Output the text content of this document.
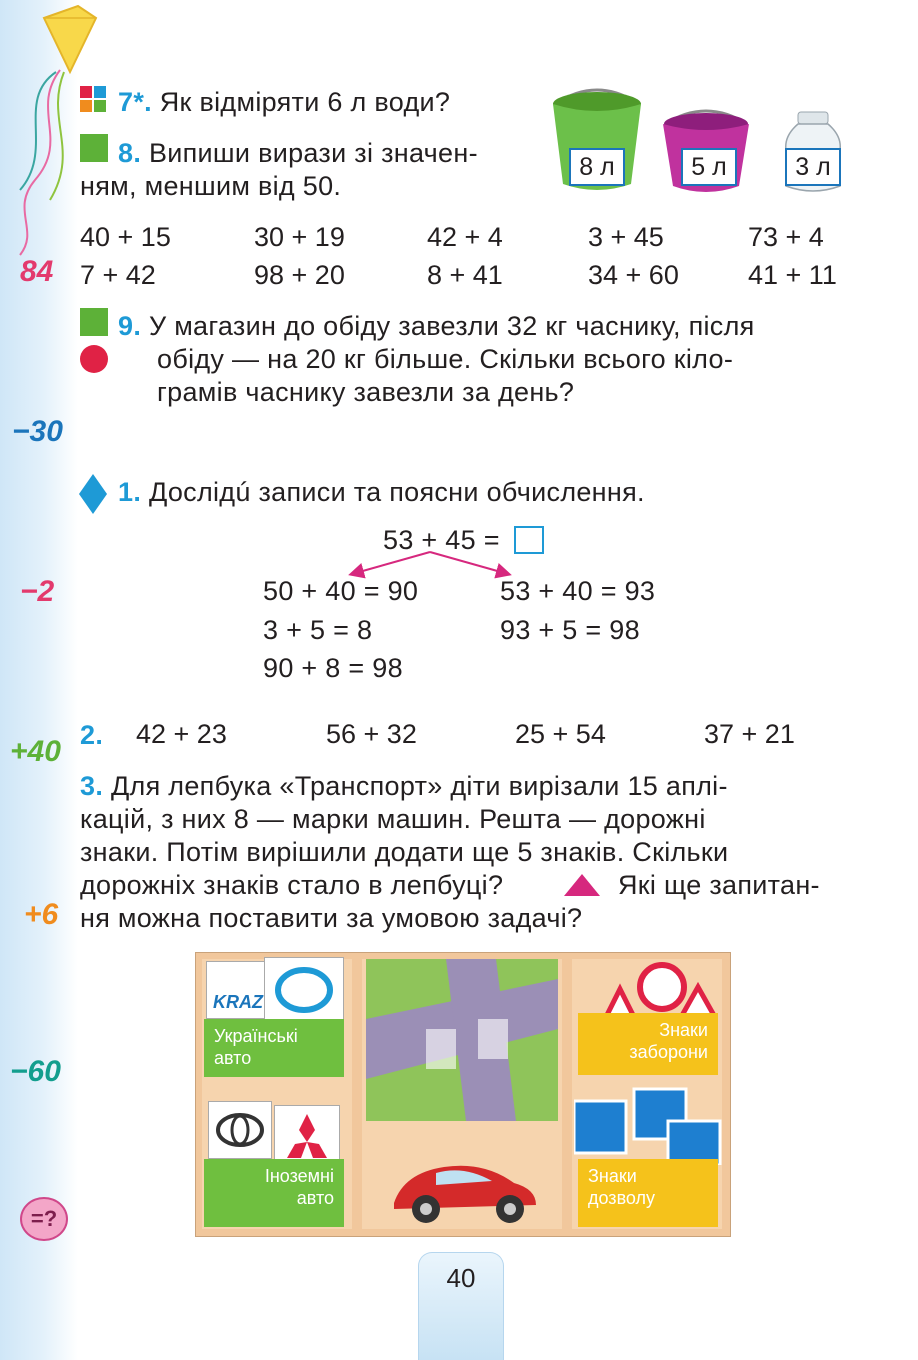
84
−30
−2
+40
+6
−60
=?
7*. Як відміряти 6 л води?
8. Випиши вирази зі значен-
ням, меншим від 50.
8 л	5 л	3 л
40 + 15	30 + 19	42 + 4	3 + 45	73 + 4
7 + 42	98 + 20	8 + 41	34 + 60	41 + 11
9. У магазин до обіду завезли 32 кг часнику, після
обіду — на 20 кг більше. Скільки всього кіло-
грамів часнику завезли за день?
1. Дослідú записи та поясни обчислення.
53 + 45 =
50 + 40 = 90
3 + 5 = 8
90 + 8 = 98
53 + 40 = 93
93 + 5 = 98
2. 42 + 23	56 + 32	25 + 54	37 + 21
3. Для лепбука «Транспорт» діти вирізали 15 аплі-
кацій, з них 8 — марки машин. Решта — дорожні
знаки. Потім вирішили додати ще 5 знаків. Скільки
дорожніх знаків стало в лепбуці?	Які ще запитан-
ня можна поставити за умовою задачі?
KRAZ
Українські
авто
Іноземні
авто
Знаки
заборони
Знаки
дозволу
40
